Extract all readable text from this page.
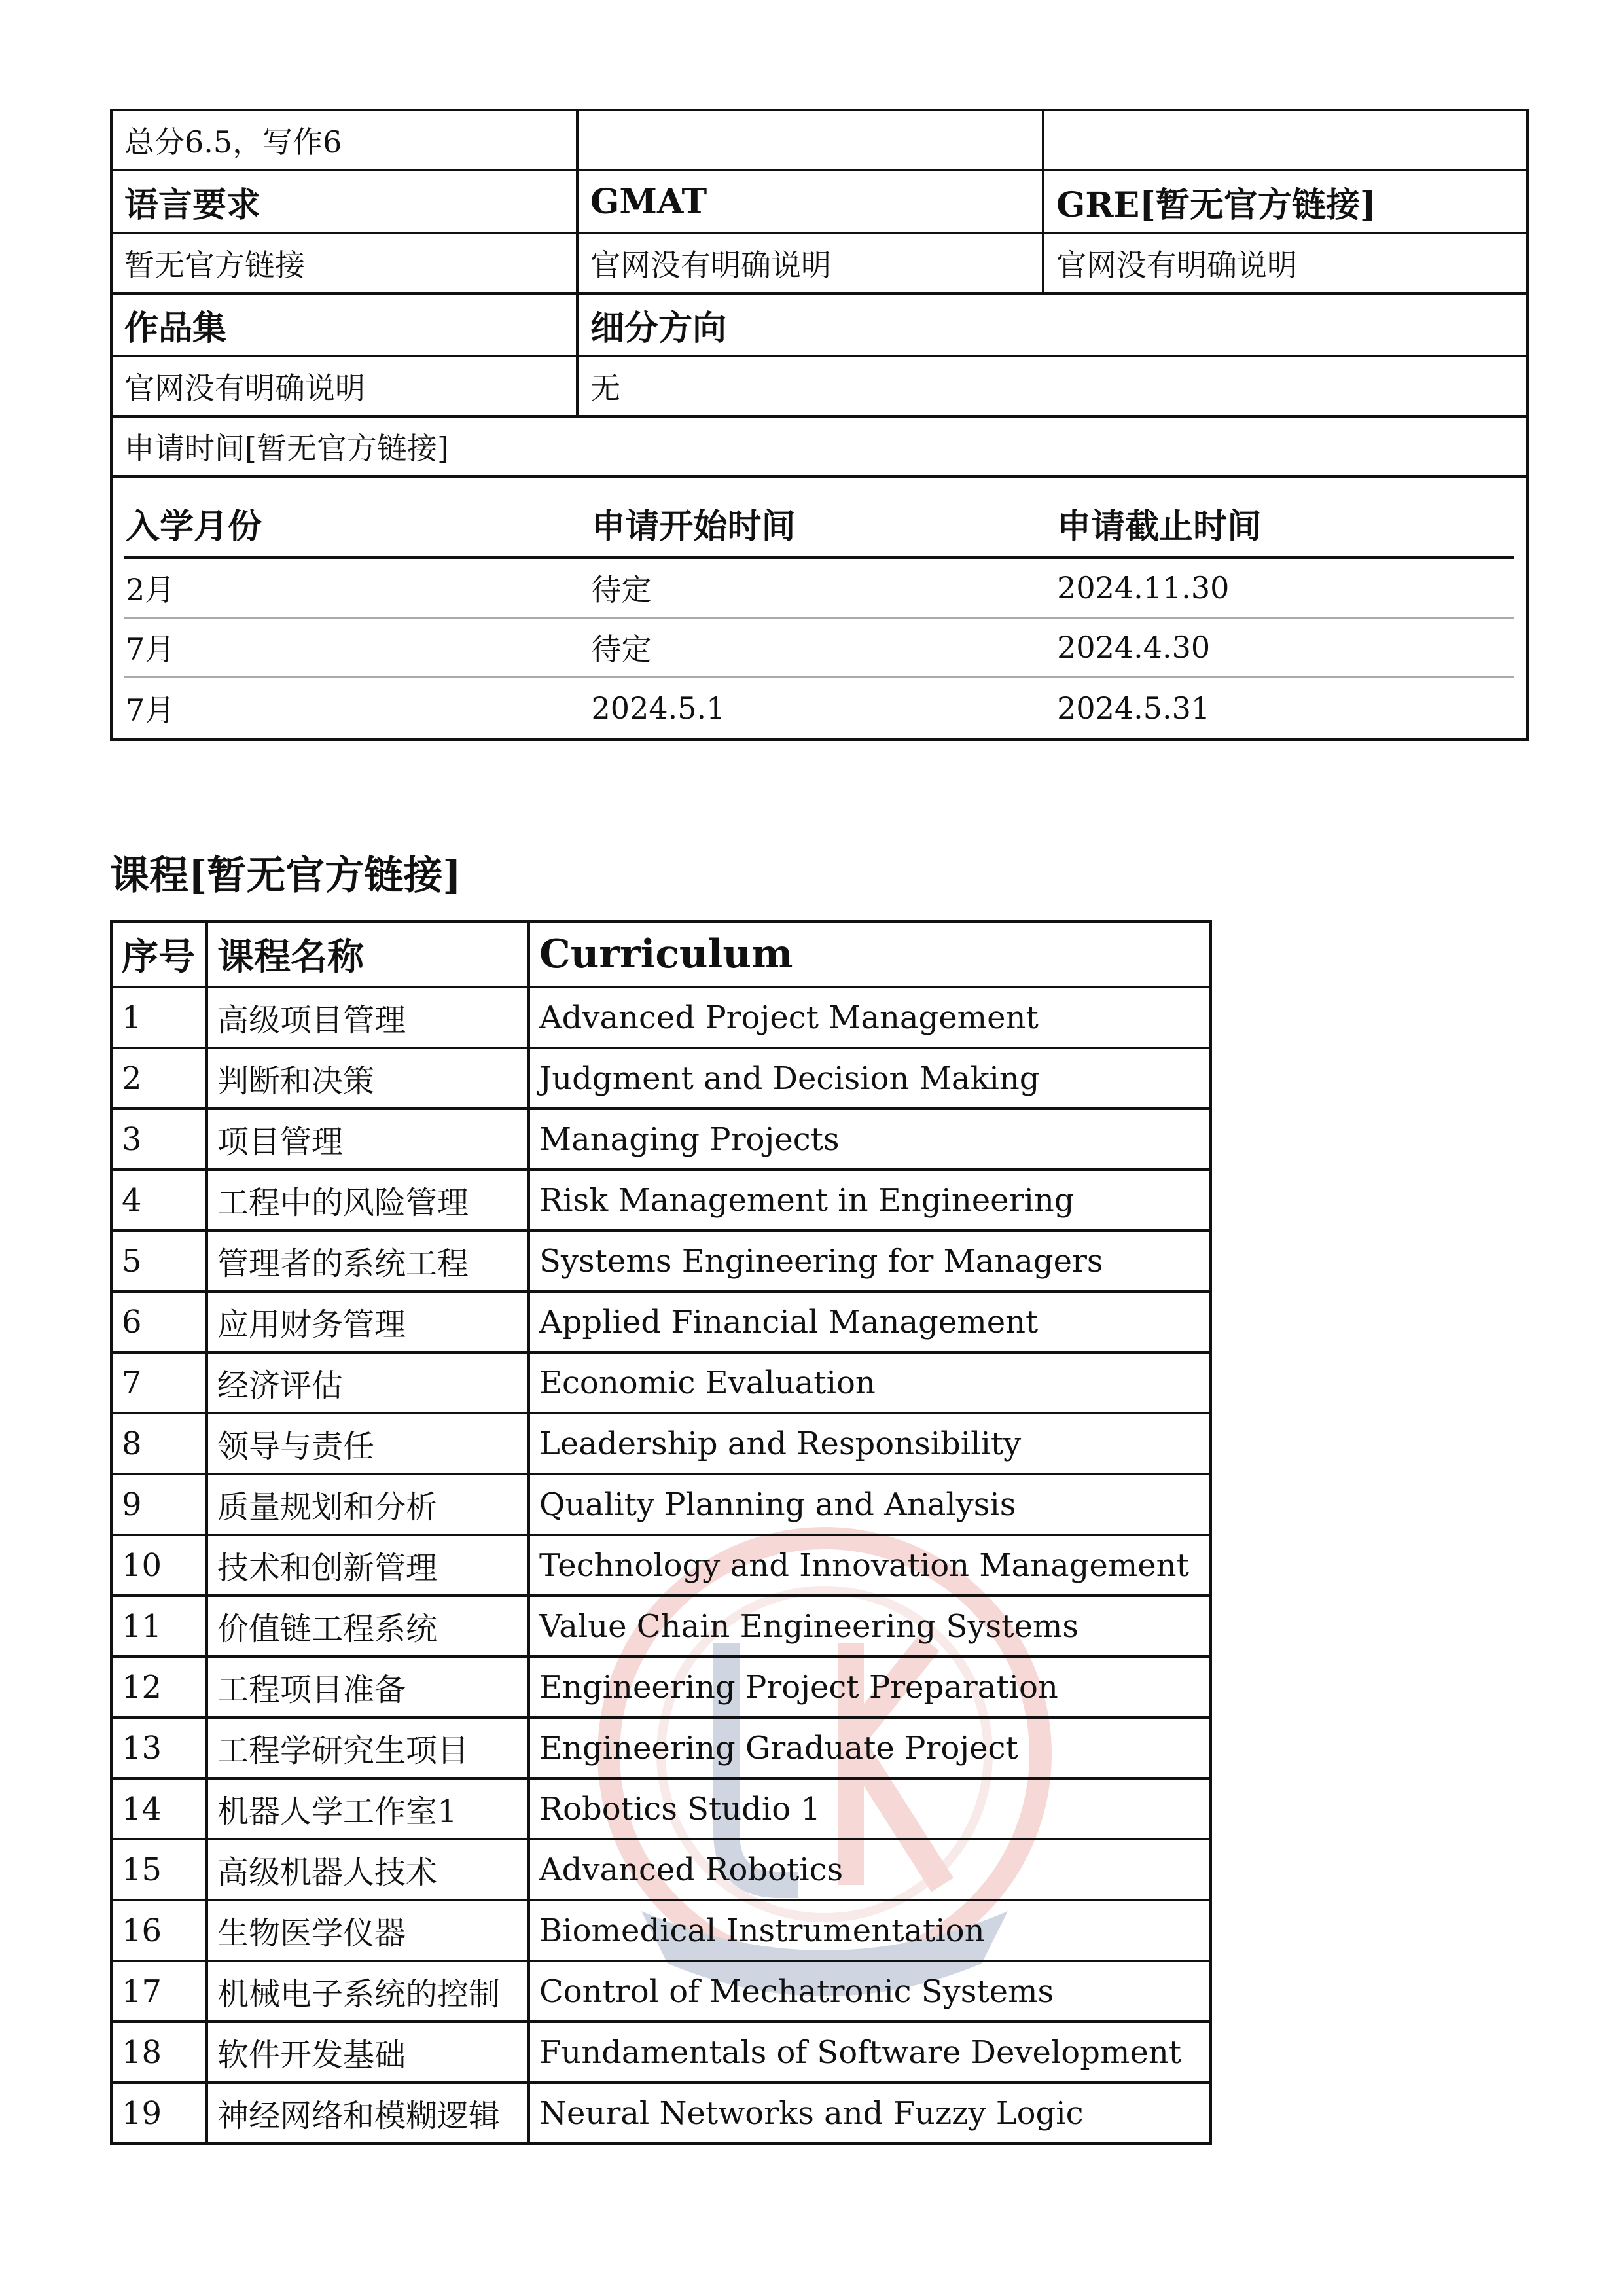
总分6.5，写作6		
语言要求	GMAT	GRE[暂无官方链接]
暂无官方链接	官网没有明确说明	官网没有明确说明
作品集	细分方向
官网没有明确说明	无
申请时间[暂无官方链接]

入学月份	申请开始时间	申请截止时间
2月	待定	2024.11.30
7月	待定	2024.4.30
7月	2024.5.1	2024.5.31
课程[暂无官方链接]
序号	课程名称	Curriculum
1	高级项目管理	Advanced Project Management
2	判断和决策	Judgment and Decision Making
3	项目管理	Managing Projects
4	工程中的风险管理	Risk Management in Engineering
5	管理者的系统工程	Systems Engineering for Managers
6	应用财务管理	Applied Financial Management
7	经济评估	Economic Evaluation
8	领导与责任	Leadership and Responsibility
9	质量规划和分析	Quality Planning and Analysis
10	技术和创新管理	Technology and Innovation Management
11	价值链工程系统	Value Chain Engineering Systems
12	工程项目准备	Engineering Project Preparation
13	工程学研究生项目	Engineering Graduate Project
14	机器人学工作室1	Robotics Studio 1
15	高级机器人技术	Advanced Robotics
16	生物医学仪器	Biomedical Instrumentation
17	机械电子系统的控制	Control of Mechatronic Systems
18	软件开发基础	Fundamentals of Software Development
19	神经网络和模糊逻辑	Neural Networks and Fuzzy Logic
